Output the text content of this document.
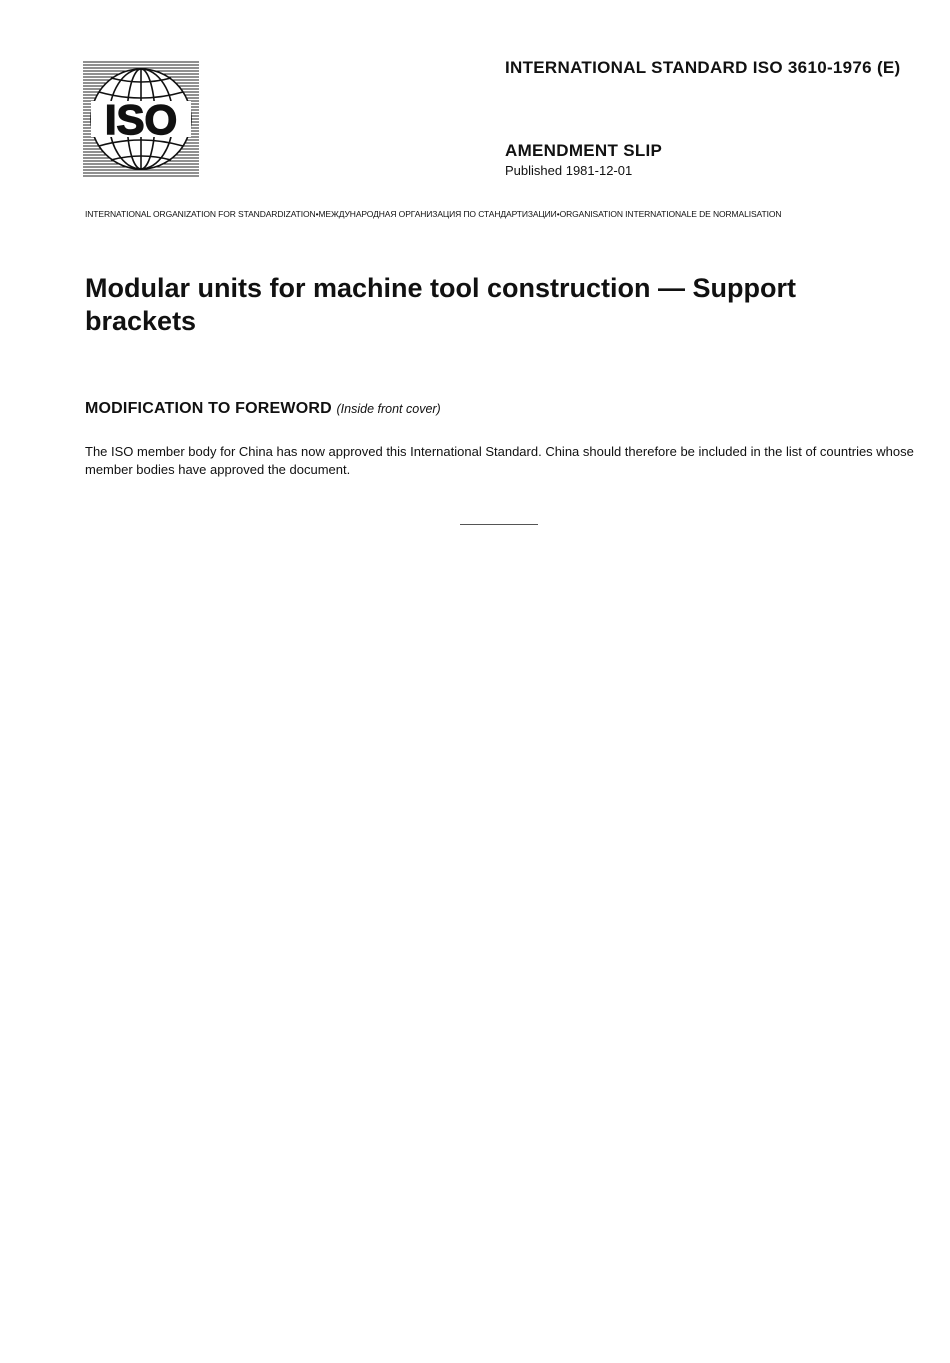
ISO
INTERNATIONAL STANDARD ISO 3610-1976 (E)
AMENDMENT SLIP
Published 1981-12-01
INTERNATIONAL ORGANIZATION FOR STANDARDIZATION•МЕЖДУНАРОДНАЯ ОРГАНИЗАЦИЯ ПО СТАНДАРТИЗАЦИИ•ORGANISATION INTERNATIONALE DE NORMALISATION
Modular units for machine tool construction — Support brackets
MODIFICATION TO FOREWORD (Inside front cover)

The ISO member body for China has now approved this International Standard. China should therefore be included in the list of countries whose member bodies have approved the document.
